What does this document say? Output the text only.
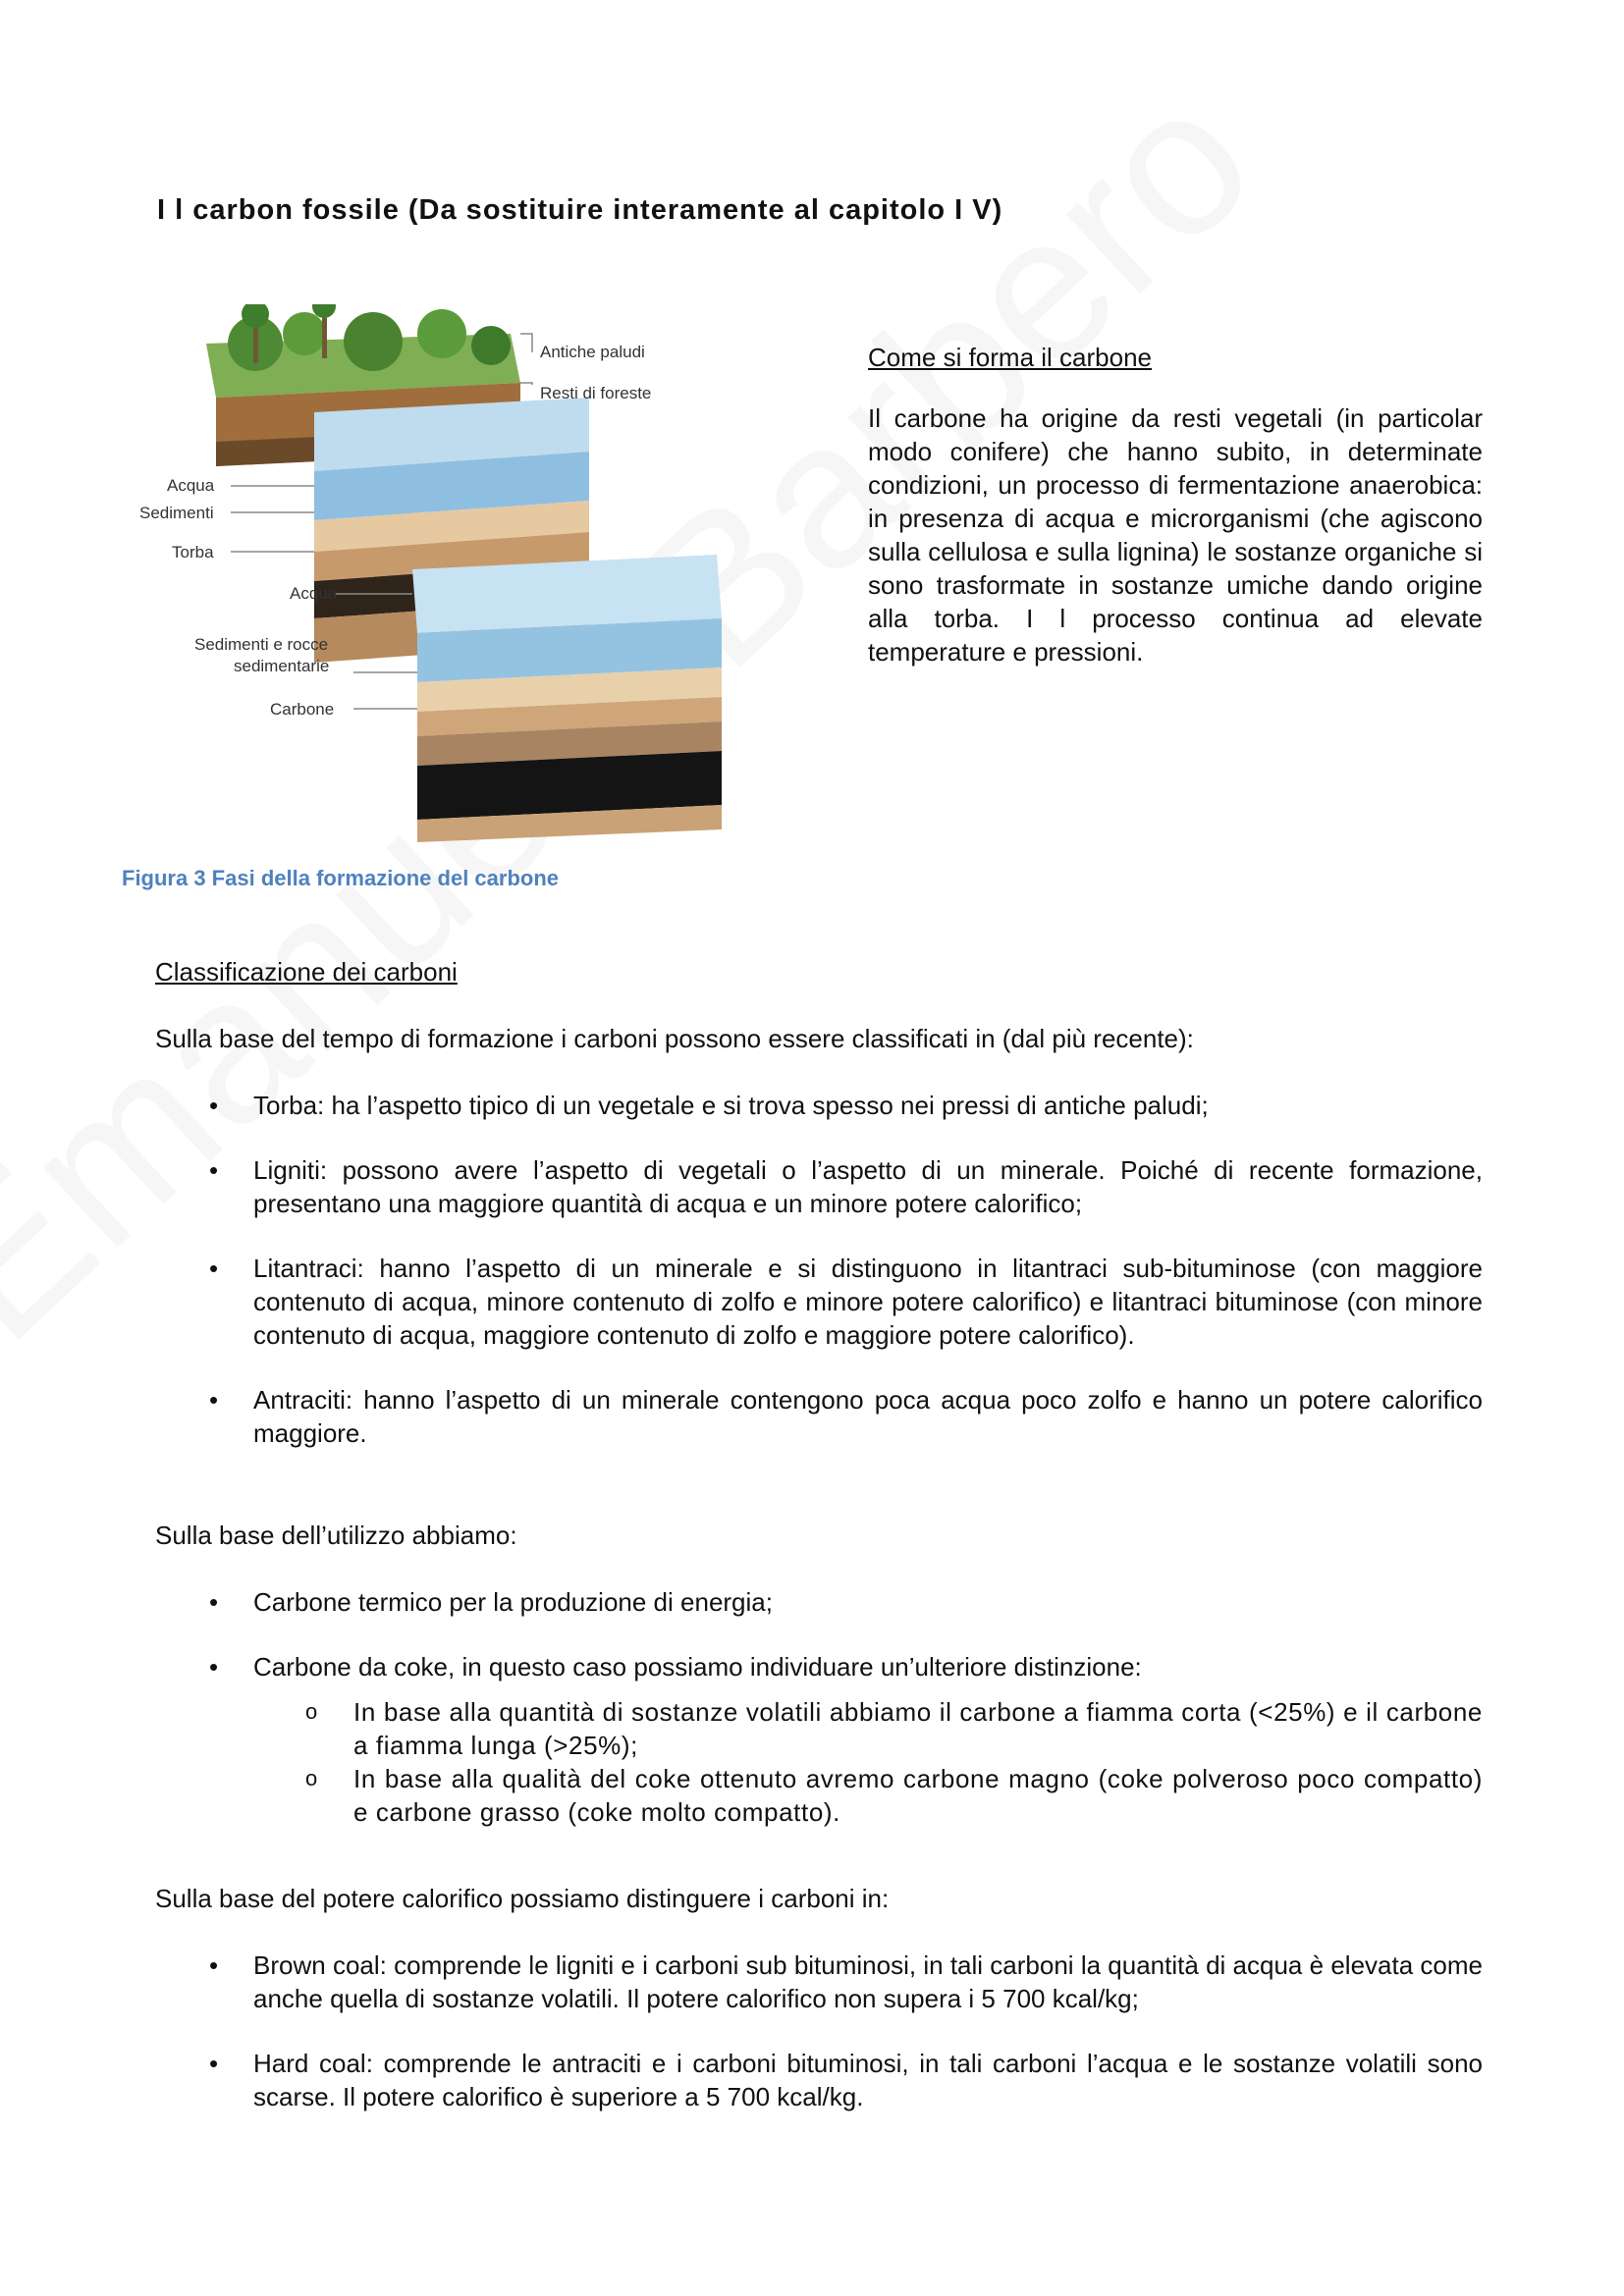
I l carbon fossile (Da sostituire interamente al capitolo I V)
Antiche paludi
Resti di foreste
Acqua
Sedimenti
Torba
Acqua
Sedimenti e rocce
sedimentarie
Carbone

Figura 3 Fasi della formazione del carbone

Come si forma il carbone

Il carbone ha origine da resti vegetali (in particolar modo conifere) che hanno subito, in determinate condizioni, un processo di fermentazione anaerobica: in presenza di acqua e microrganismi (che agiscono sulla cellulosa e sulla lignina) le sostanze organiche si sono trasformate in sostanze umiche dando origine alla torba. I l processo continua ad elevate temperature e pressioni.

Classificazione dei carboni

Sulla base del tempo di formazione i carboni possono essere classificati in (dal più recente):

• Torba: ha l’aspetto tipico di un vegetale e si trova spesso nei pressi di antiche paludi;
• Ligniti: possono avere l’aspetto di vegetali o l’aspetto di un minerale. Poiché di recente formazione, presentano una maggiore quantità di acqua e un minore potere calorifico;
• Litantraci: hanno l’aspetto di un minerale e si distinguono in litantraci sub-bituminose (con maggiore contenuto di acqua, minore contenuto di zolfo e minore potere calorifico) e litantraci bituminose (con minore contenuto di acqua, maggiore contenuto di zolfo e maggiore potere calorifico).
• Antraciti: hanno l’aspetto di un minerale contengono poca acqua poco zolfo e hanno un potere calorifico maggiore.

Sulla base dell’utilizzo abbiamo:

• Carbone termico per la produzione di energia;
• Carbone da coke, in questo caso possiamo individuare un’ulteriore distinzione:
o In base alla quantità di sostanze volatili abbiamo il carbone a fiamma corta (<25%) e il carbone a fiamma lunga (>25%);
o In base alla qualità del coke ottenuto avremo carbone magno (coke polveroso poco compatto) e carbone grasso (coke molto compatto).

Sulla base del potere calorifico possiamo distinguere i carboni in:

• Brown coal: comprende le ligniti e i carboni sub bituminosi, in tali carboni la quantità di acqua è elevata come anche quella di sostanze volatili. Il potere calorifico non supera i 5 700 kcal/kg;
• Hard coal: comprende le antraciti e i carboni bituminosi, in tali carboni l’acqua e le sostanze volatili sono scarse. Il potere calorifico è superiore a 5 700 kcal/kg.
